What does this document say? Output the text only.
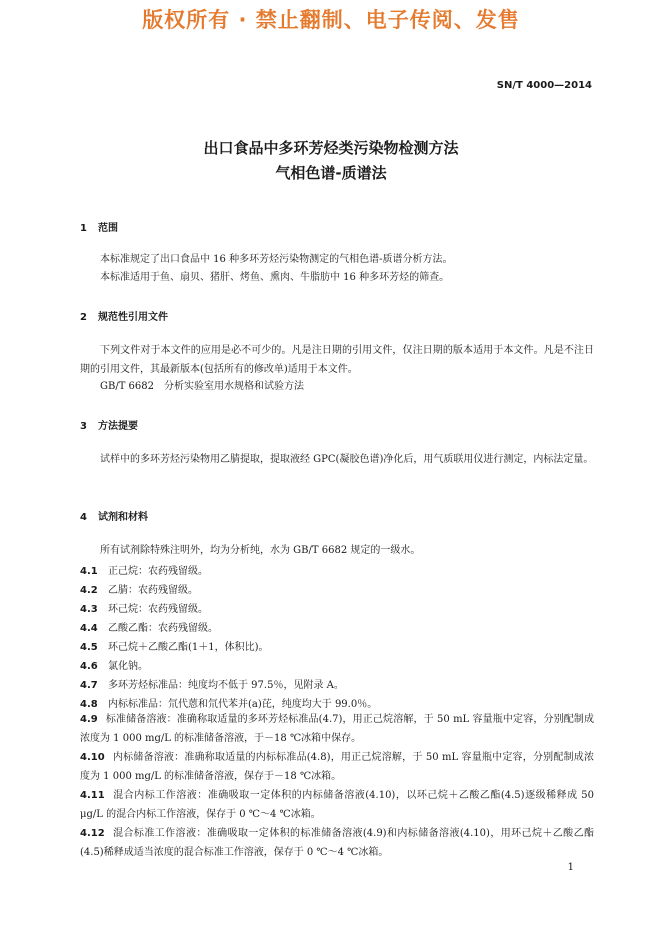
版权所有 · 禁止翻制、电子传阅、发售
SN/T 4000—2014
出口食品中多环芳烃类污染物检测方法
气相色谱-质谱法
1 范围
本标准规定了出口食品中 16 种多环芳烃污染物测定的气相色谱-质谱分析方法。
本标准适用于鱼、扇贝、猪肝、烤鱼、熏肉、牛脂肪中 16 种多环芳烃的筛查。
2 规范性引用文件
下列文件对于本文件的应用是必不可少的。凡是注日期的引用文件，仅注日期的版本适用于本文件。凡是不注日期的引用文件，其最新版本(包括所有的修改单)适用于本文件。
GB/T 6682　分析实验室用水规格和试验方法
3 方法提要
试样中的多环芳烃污染物用乙腈提取，提取液经 GPC(凝胶色谱)净化后，用气质联用仪进行测定，内标法定量。
4 试剂和材料
所有试剂除特殊注明外，均为分析纯，水为 GB/T 6682 规定的一级水。
4.1 正己烷：农药残留级。
4.2 乙腈：农药残留级。
4.3 环己烷：农药残留级。
4.4 乙酸乙酯：农药残留级。
4.5 环己烷＋乙酸乙酯(1＋1，体积比)。
4.6 氯化钠。
4.7 多环芳烃标准品：纯度均不低于 97.5％，见附录 A。
4.8 内标标准品：氘代蒽和氘代苯并(a)芘，纯度均大于 99.0％。
4.9 标准储备溶液：准确称取适量的多环芳烃标准品(4.7)，用正己烷溶解，于 50 mL 容量瓶中定容，分别配制成浓度为 1 000 mg/L 的标准储备溶液，于－18 ℃冰箱中保存。
4.10 内标储备溶液：准确称取适量的内标标准品(4.8)，用正己烷溶解，于 50 mL 容量瓶中定容，分别配制成浓度为 1 000 mg/L 的标准储备溶液，保存于－18 ℃冰箱。
4.11 混合内标工作溶液：准确吸取一定体积的内标储备溶液(4.10)，以环己烷＋乙酸乙酯(4.5)逐级稀释成 50 μg/L 的混合内标工作溶液，保存于 0 ℃～4 ℃冰箱。
4.12 混合标准工作溶液：准确吸取一定体积的标准储备溶液(4.9)和内标储备溶液(4.10)，用环己烷＋乙酸乙酯(4.5)稀释成适当浓度的混合标准工作溶液，保存于 0 ℃～4 ℃冰箱。
1
